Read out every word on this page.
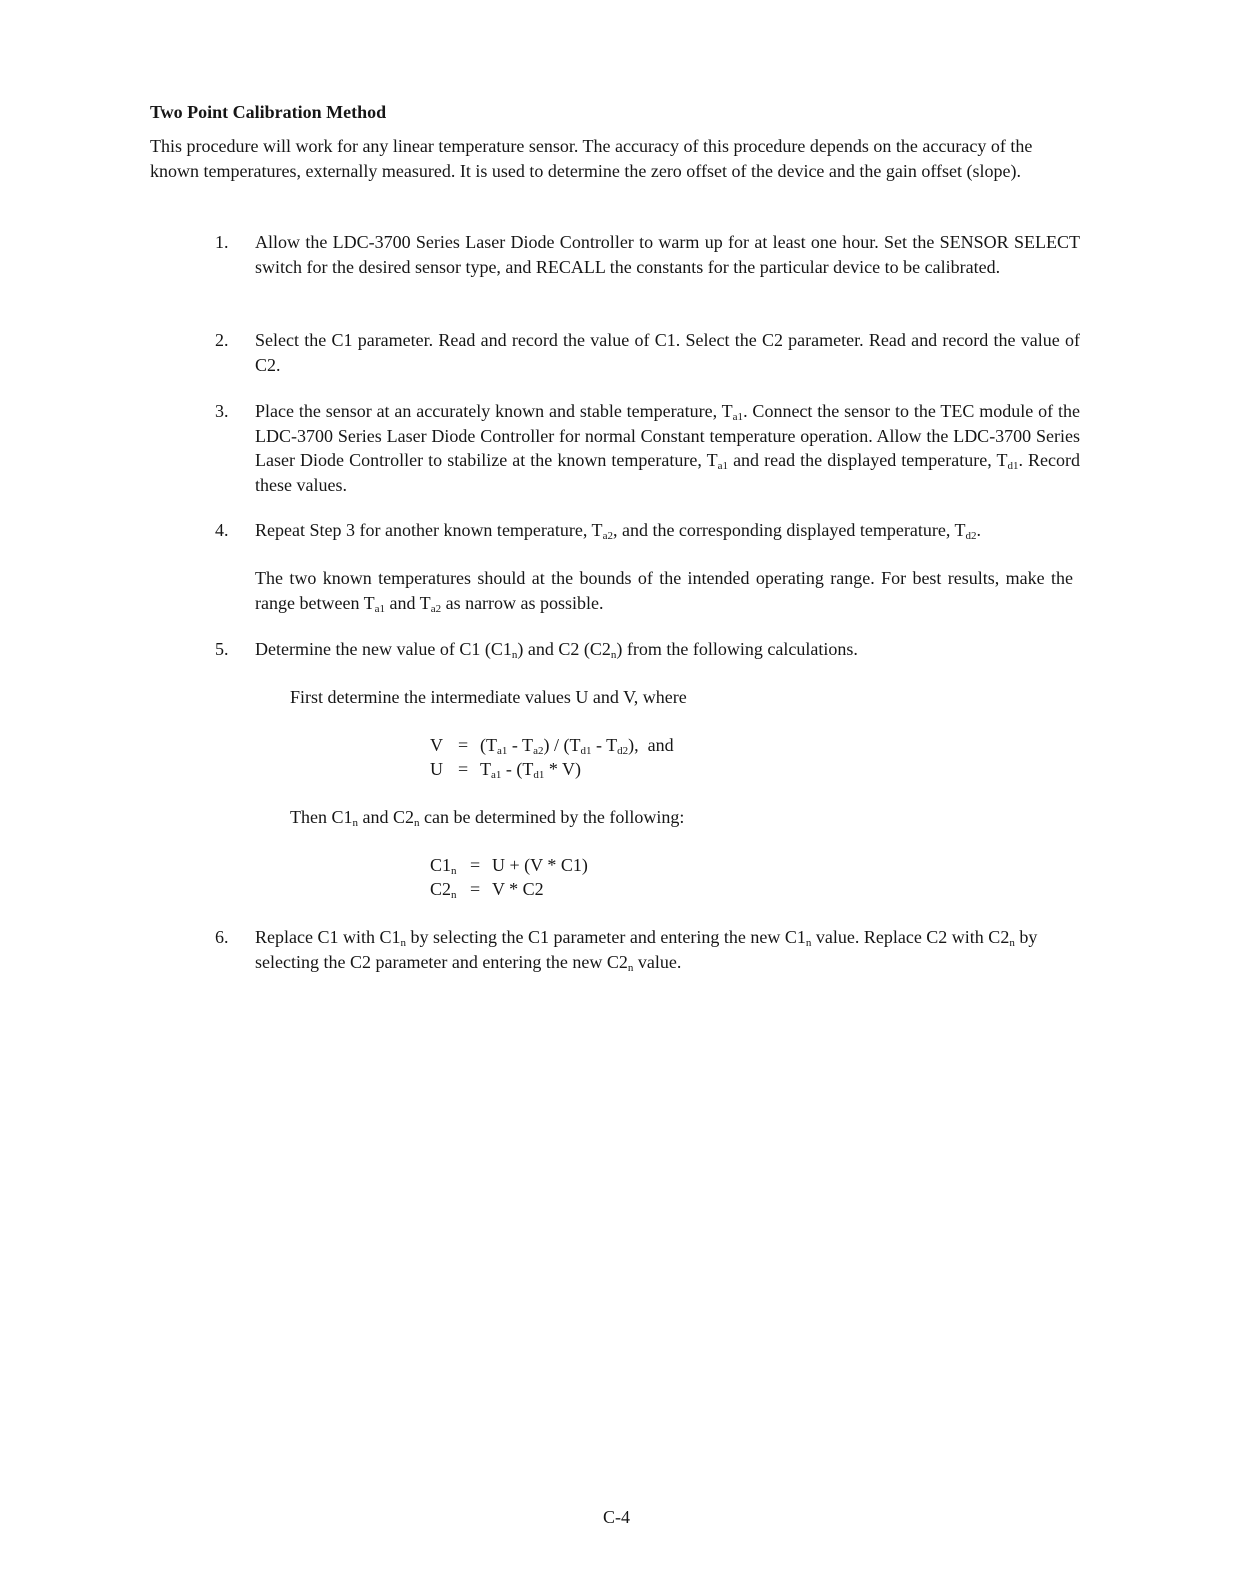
Two Point Calibration Method

This procedure will work for any linear temperature sensor. The accuracy of this procedure depends on the accuracy of the known temperatures, externally measured. It is used to determine the zero offset of the device and the gain offset (slope).

1.	Allow the LDC-3700 Series Laser Diode Controller to warm up for at least one hour. Set the SENSOR SELECT switch for the desired sensor type, and RECALL the constants for the particular device to be calibrated.
2.	Select the C1 parameter. Read and record the value of C1. Select the C2 parameter. Read and record the value of C2.
3.	Place the sensor at an accurately known and stable temperature, $T_{a1}$. Connect the sensor to the TEC module of the LDC-3700 Series Laser Diode Controller for normal Constant temperature operation. Allow the LDC-3700 Series Laser Diode Controller to stabilize at the known temperature, $T_{a1}$ and read the displayed temperature, $T_{d1}$. Record these values.
4.	Repeat Step 3 for another known temperature, $T_{a2}$, and the corresponding displayed temperature, $T_{d2}$.

The two known temperatures should at the bounds of the intended operating range. For best results, make the range between $T_{a1}$ and $T_{a2}$ as narrow as possible.

5.	Determine the new value of C1 $(C1_n)$ and C2 $(C2_n)$ from the following calculations.

First determine the intermediate values U and V, where

$V = (T_{a1} - T_{a2}) / (T_{d1} - T_{d2})$,  and
$U = T_{a1} - (T_{d1} * V)$

Then $C1_n$ and $C2_n$ can be determined by the following:

$C1_n = U + (V * C1)$
$C2_n = V * C2$
6.	Replace C1 with $C1_n$ by selecting the C1 parameter and entering the new $C1_n$ value. Replace C2 with $C2_n$ by selecting the C2 parameter and entering the new $C2_n$ value.

C-4
